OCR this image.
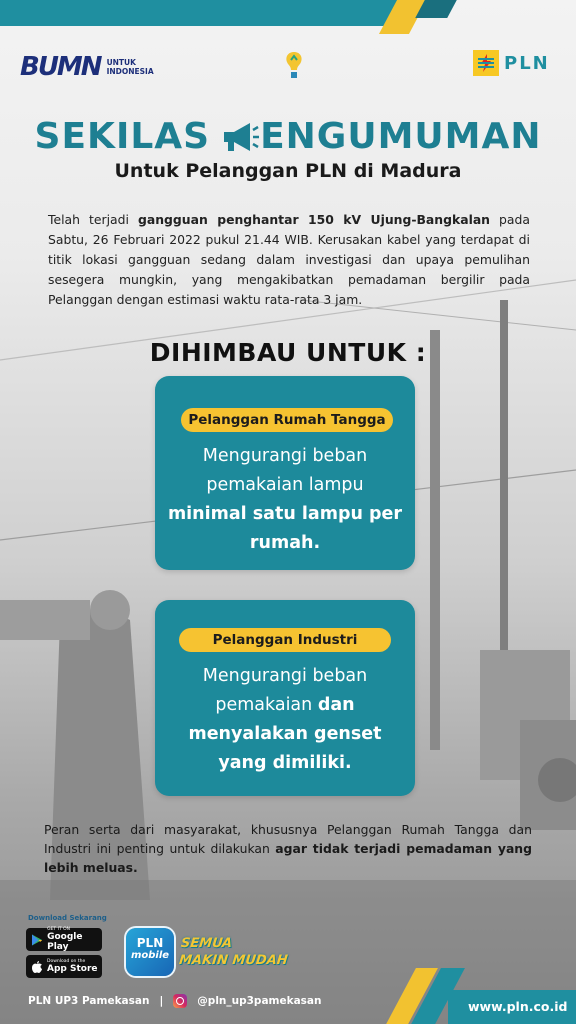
BUMN UNTUK
INDONESIA	PLN
SEKILAS ENGUMUMAN
Untuk Pelanggan PLN di Madura
Telah terjadi gangguan penghantar 150 kV Ujung-Bangkalan pada Sabtu, 26 Februari 2022 pukul 21.44 WIB. Kerusakan kabel yang terdapat di titik lokasi gangguan sedang dalam investigasi dan upaya pemulihan sesegera mungkin, yang mengakibatkan pemadaman bergilir pada Pelanggan dengan estimasi waktu rata-rata 3 jam.
DIHIMBAU UNTUK :
Pelanggan Rumah Tangga
Mengurangi beban pemakaian lampu minimal satu lampu per rumah.
Pelanggan Industri
Mengurangi beban pemakaian dan menyalakan genset yang dimiliki.
Peran serta dari masyarakat, khususnya Pelanggan Rumah Tangga dan Industri ini penting untuk dilakukan agar tidak terjadi pemadaman yang lebih meluas.
Download Sekarang
GET IT ON
Google Play
Download on the
App Store
PLN
mobile
SEMUA
MAKIN MUDAH
PLN UP3 Pamekasan |	@pln_up3pamekasan	www.pln.co.id
